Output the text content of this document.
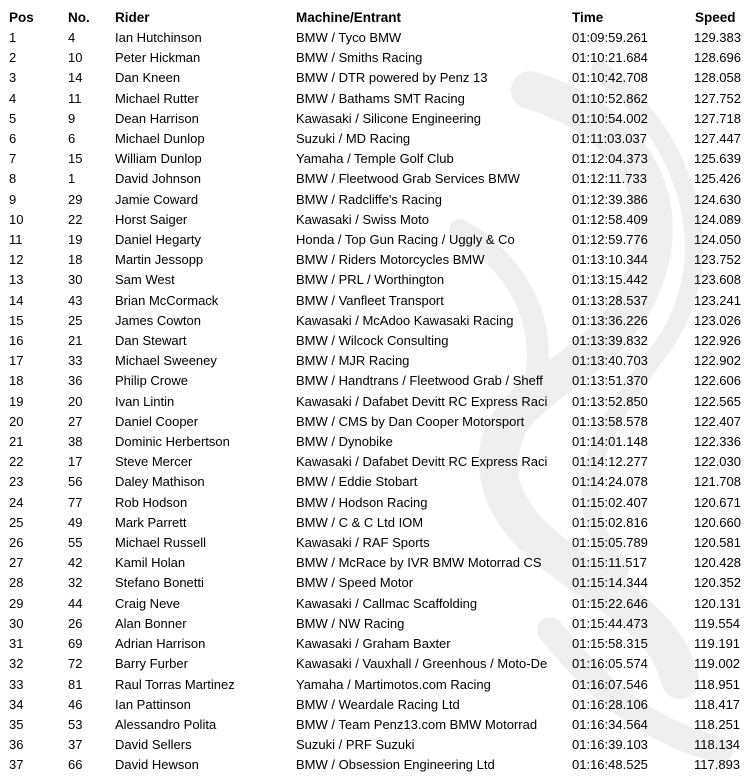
Pos	No.	Rider	Machine/Entrant	Time	Speed
1	4	Ian Hutchinson	BMW / Tyco BMW	01:09:59.261	129.383
2	10	Peter Hickman	BMW / Smiths Racing	01:10:21.684	128.696
3	14	Dan Kneen	BMW / DTR powered by Penz 13	01:10:42.708	128.058
4	11	Michael Rutter	BMW / Bathams SMT Racing	01:10:52.862	127.752
5	9	Dean Harrison	Kawasaki / Silicone Engineering	01:10:54.002	127.718
6	6	Michael Dunlop	Suzuki / MD Racing	01:11:03.037	127.447
7	15	William Dunlop	Yamaha / Temple Golf Club	01:12:04.373	125.639
8	1	David Johnson	BMW / Fleetwood Grab Services BMW	01:12:11.733	125.426
9	29	Jamie Coward	BMW / Radcliffe's Racing	01:12:39.386	124.630
10	22	Horst Saiger	Kawasaki / Swiss Moto	01:12:58.409	124.089
11	19	Daniel Hegarty	Honda / Top Gun Racing / Uggly & Co	01:12:59.776	124.050
12	18	Martin Jessopp	BMW / Riders Motorcycles BMW	01:13:10.344	123.752
13	30	Sam West	BMW / PRL / Worthington	01:13:15.442	123.608
14	43	Brian McCormack	BMW / Vanfleet Transport	01:13:28.537	123.241
15	25	James Cowton	Kawasaki / McAdoo Kawasaki Racing	01:13:36.226	123.026
16	21	Dan Stewart	BMW / Wilcock Consulting	01:13:39.832	122.926
17	33	Michael Sweeney	BMW / MJR Racing	01:13:40.703	122.902
18	36	Philip Crowe	BMW / Handtrans / Fleetwood Grab / Sheff	01:13:51.370	122.606
19	20	Ivan Lintin	Kawasaki / Dafabet Devitt RC Express Raci	01:13:52.850	122.565
20	27	Daniel Cooper	BMW / CMS by Dan Cooper Motorsport	01:13:58.578	122.407
21	38	Dominic Herbertson	BMW / Dynobike	01:14:01.148	122.336
22	17	Steve Mercer	Kawasaki / Dafabet Devitt RC Express Raci	01:14:12.277	122.030
23	56	Daley Mathison	BMW / Eddie Stobart	01:14:24.078	121.708
24	77	Rob Hodson	BMW / Hodson Racing	01:15:02.407	120.671
25	49	Mark Parrett	BMW / C & C Ltd IOM	01:15:02.816	120.660
26	55	Michael Russell	Kawasaki / RAF Sports	01:15:05.789	120.581
27	42	Kamil Holan	BMW / McRace by IVR BMW Motorrad CS	01:15:11.517	120.428
28	32	Stefano Bonetti	BMW / Speed Motor	01:15:14.344	120.352
29	44	Craig Neve	Kawasaki / Callmac Scaffolding	01:15:22.646	120.131
30	26	Alan Bonner	BMW / NW Racing	01:15:44.473	119.554
31	69	Adrian Harrison	Kawasaki / Graham Baxter	01:15:58.315	119.191
32	72	Barry Furber	Kawasaki / Vauxhall / Greenhous / Moto-De	01:16:05.574	119.002
33	81	Raul Torras Martinez	Yamaha / Martimotos.com Racing	01:16:07.546	118.951
34	46	Ian Pattinson	BMW / Weardale Racing Ltd	01:16:28.106	118.417
35	53	Alessandro Polita	BMW / Team Penz13.com BMW Motorrad	01:16:34.564	118.251
36	37	David Sellers	Suzuki / PRF Suzuki	01:16:39.103	118.134
37	66	David Hewson	BMW / Obsession Engineering Ltd	01:16:48.525	117.893
